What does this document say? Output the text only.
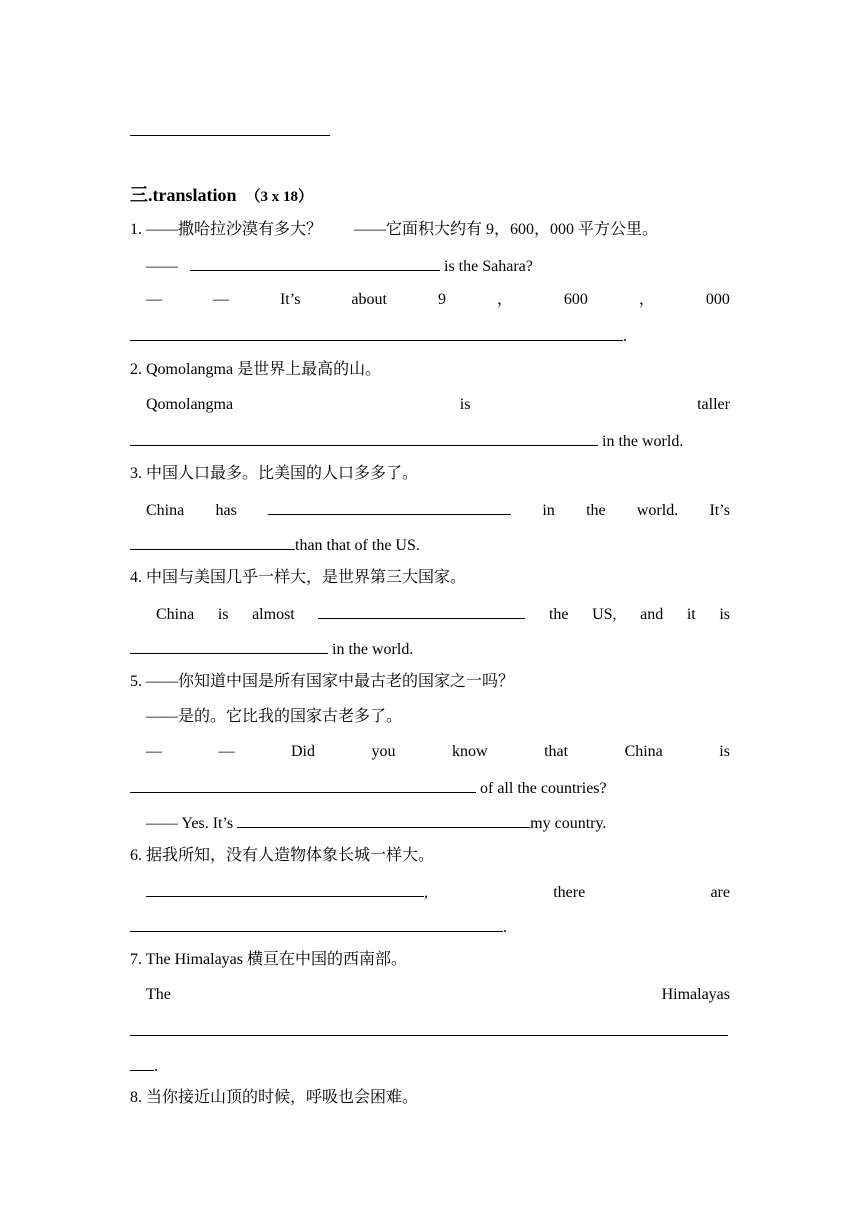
三.translation （3 x 18）
1. ——撒哈拉沙漠有多大？　　——它面积大约有 9，600，000 平方公里。
——	is the Sahara?
—	—	It’s	about	9	，	600	，	000
.
2. Qomolangma 是世界上最高的山。
Qomolangma	is	taller
in the world.
3. 中国人口最多。比美国的人口多多了。
China has	in the world. It’s
than that of the US.
4. 中国与美国几乎一样大，是世界第三大国家。
China is almost	the US, and it is
in the world.
5. ——你知道中国是所有国家中最古老的国家之一吗？
——是的。它比我的国家古老多了。
—	—	Did	you	know	that	China	is
of all the countries?
—— Yes. It’s	my country.
6. 据我所知，没有人造物体象长城一样大。
,	there	are
.
7. The Himalayas 横亘在中国的西南部。
The	Himalayas
.
8. 当你接近山顶的时候，呼吸也会困难。
